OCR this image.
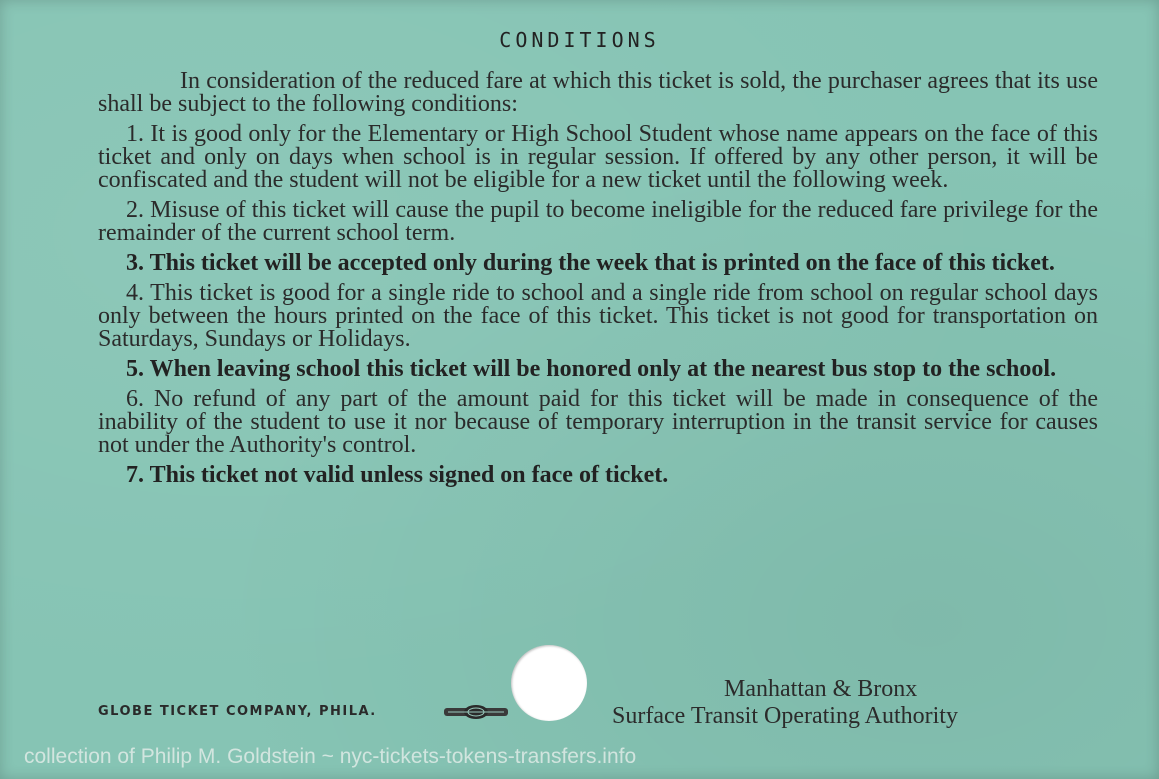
CONDITIONS

In consideration of the reduced fare at which this ticket is sold, the purchaser agrees that its use shall be subject to the following conditions:

1. It is good only for the Elementary or High School Student whose name appears on the face of this ticket and only on days when school is in regular session. If offered by any other person, it will be confiscated and the student will not be eligible for a new ticket until the following week.

2. Misuse of this ticket will cause the pupil to become ineligible for the reduced fare privilege for the remainder of the current school term.

3. This ticket will be accepted only during the week that is printed on the face of this ticket.

4. This ticket is good for a single ride to school and a single ride from school on regular school days only between the hours printed on the face of this ticket. This ticket is not good for transportation on Saturdays, Sundays or Holidays.

5. When leaving school this ticket will be honored only at the nearest bus stop to the school.

6. No refund of any part of the amount paid for this ticket will be made in consequence of the inability of the student to use it nor because of temporary interruption in the transit service for causes not under the Authority's control.

7. This ticket not valid unless signed on face of ticket.

GLOBE TICKET COMPANY, PHILA.
Manhattan & Bronx
Surface Transit Operating Authority
collection of Philip M. Goldstein ~ nyc-tickets-tokens-transfers.info
